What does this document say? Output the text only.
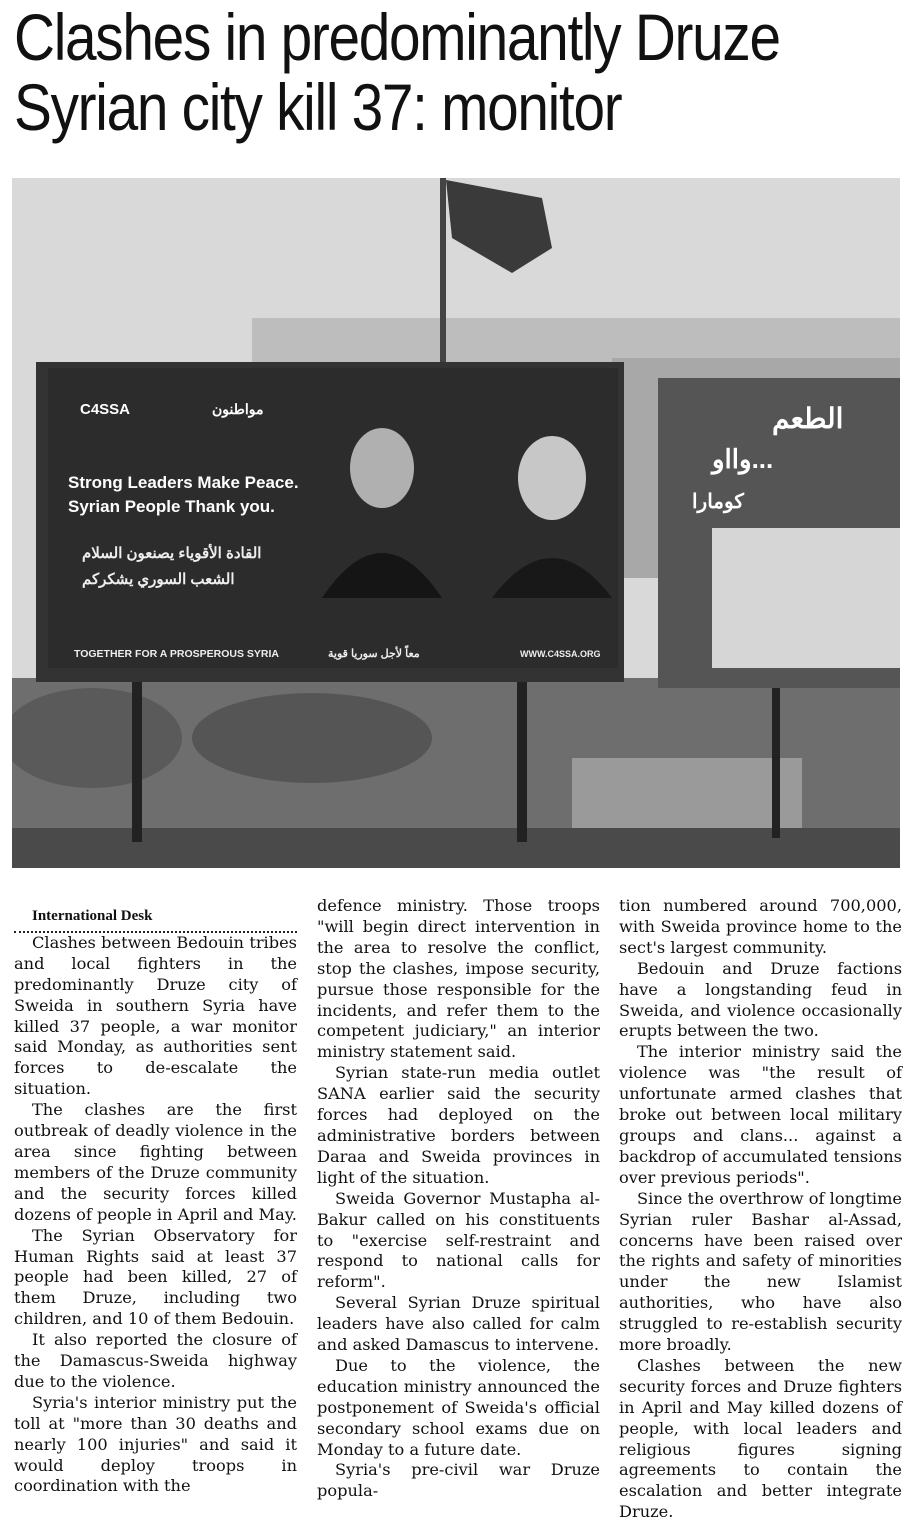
Clashes in predominantly Druze
Syrian city kill 37: monitor
مواطنون
C4SSA
Strong Leaders Make Peace.
Syrian People Thank you.
القادة الأقوياء يصنعون السلام
الشعب السوري يشكركم
TOGETHER FOR A PROSPEROUS SYRIA	معاً لأجل سوريا قوية	WWW.C4SSA.ORG
الطعم
وااو...
كومارا

International Desk

Clashes between Bedouin tribes and local fighters in the predominantly Druze city of Sweida in southern Syria have killed 37 people, a war monitor said Monday, as authorities sent forces to de-escalate the situation.

The clashes are the first outbreak of deadly violence in the area since fighting between members of the Druze community and the security forces killed dozens of people in April and May.

The Syrian Observatory for Human Rights said at least 37 people had been killed, 27 of them Druze, including two children, and 10 of them Bedouin.

It also reported the closure of the Damascus-Sweida highway due to the violence.

Syria's interior ministry put the toll at "more than 30 deaths and nearly 100 injuries" and said it would deploy troops in coordination with the

defence ministry. Those troops "will begin direct intervention in the area to resolve the conflict, stop the clashes, impose security, pursue those responsible for the incidents, and refer them to the competent judiciary," an interior ministry statement said.

Syrian state-run media outlet SANA earlier said the security forces had deployed on the administrative borders between Daraa and Sweida provinces in light of the situation.

Sweida Governor Mustapha al-Bakur called on his constituents to "exercise self-restraint and respond to national calls for reform".

Several Syrian Druze spiritual leaders have also called for calm and asked Damascus to intervene.

Due to the violence, the education ministry announced the postponement of Sweida's official secondary school exams due on Monday to a future date.

Syria's pre-civil war Druze popula-

tion numbered around 700,000, with Sweida province home to the sect's largest community.

Bedouin and Druze factions have a longstanding feud in Sweida, and violence occasionally erupts between the two.

The interior ministry said the violence was "the result of unfortunate armed clashes that broke out between local military groups and clans... against a backdrop of accumulated tensions over previous periods".

Since the overthrow of longtime Syrian ruler Bashar al-Assad, concerns have been raised over the rights and safety of minorities under the new Islamist authorities, who have also struggled to re-establish security more broadly.

Clashes between the new security forces and Druze fighters in April and May killed dozens of people, with local leaders and religious figures signing agreements to contain the escalation and better integrate Druze.
